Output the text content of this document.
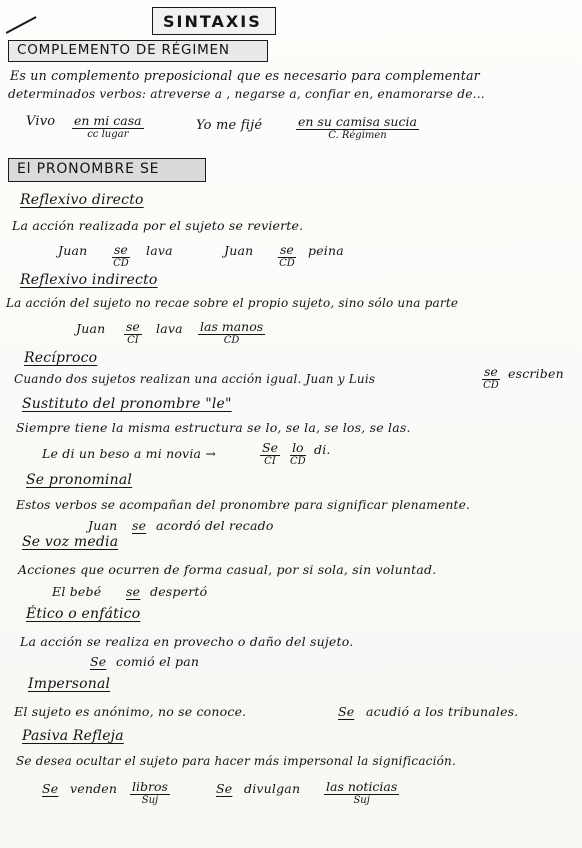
SINTAXIS
COMPLEMENTO DE RÉGIMEN
Es un complemento preposicional que es necesario para complementar
determinados verbos: atreverse a , negarse a, confiar en, enamorarse de...
Vivo en mi casa
cc lugar
Yo me fijé	en su camisa sucia
C. Régimen
El PRONOMBRE SE
Reflexivo directo
La acción realizada por el sujeto se revierte.
Juan se
CD
lava	Juan se
CD
peina
Reflexivo indirecto
La acción del sujeto no recae sobre el propio sujeto, sino sólo una parte
Juan se
CI
lava las manos
CD
Recíproco
Cuando dos sujetos realizan una acción igual. Juan y Luis	se
CD
escriben
Sustituto del pronombre "le"
Siempre tiene la misma estructura se lo, se la, se los, se las.
Le di un beso a mi novia →	Se
CI
lo
CD
di.
Se pronominal
Estos verbos se acompañan del pronombre para significar plenamente.
Juan se acordó del recado
Se voz media
Acciones que ocurren de forma casual, por si sola, sin voluntad.
El bebé se despertó
Ético o enfático
La acción se realiza en provecho o daño del sujeto.
Se comió el pan
Impersonal
El sujeto es anónimo, no se conoce.	Se acudió a los tribunales.
Pasiva Refleja
Se desea ocultar el sujeto para hacer más impersonal la significación.
Se venden libros
Suj
Se divulgan las noticias
Suj
